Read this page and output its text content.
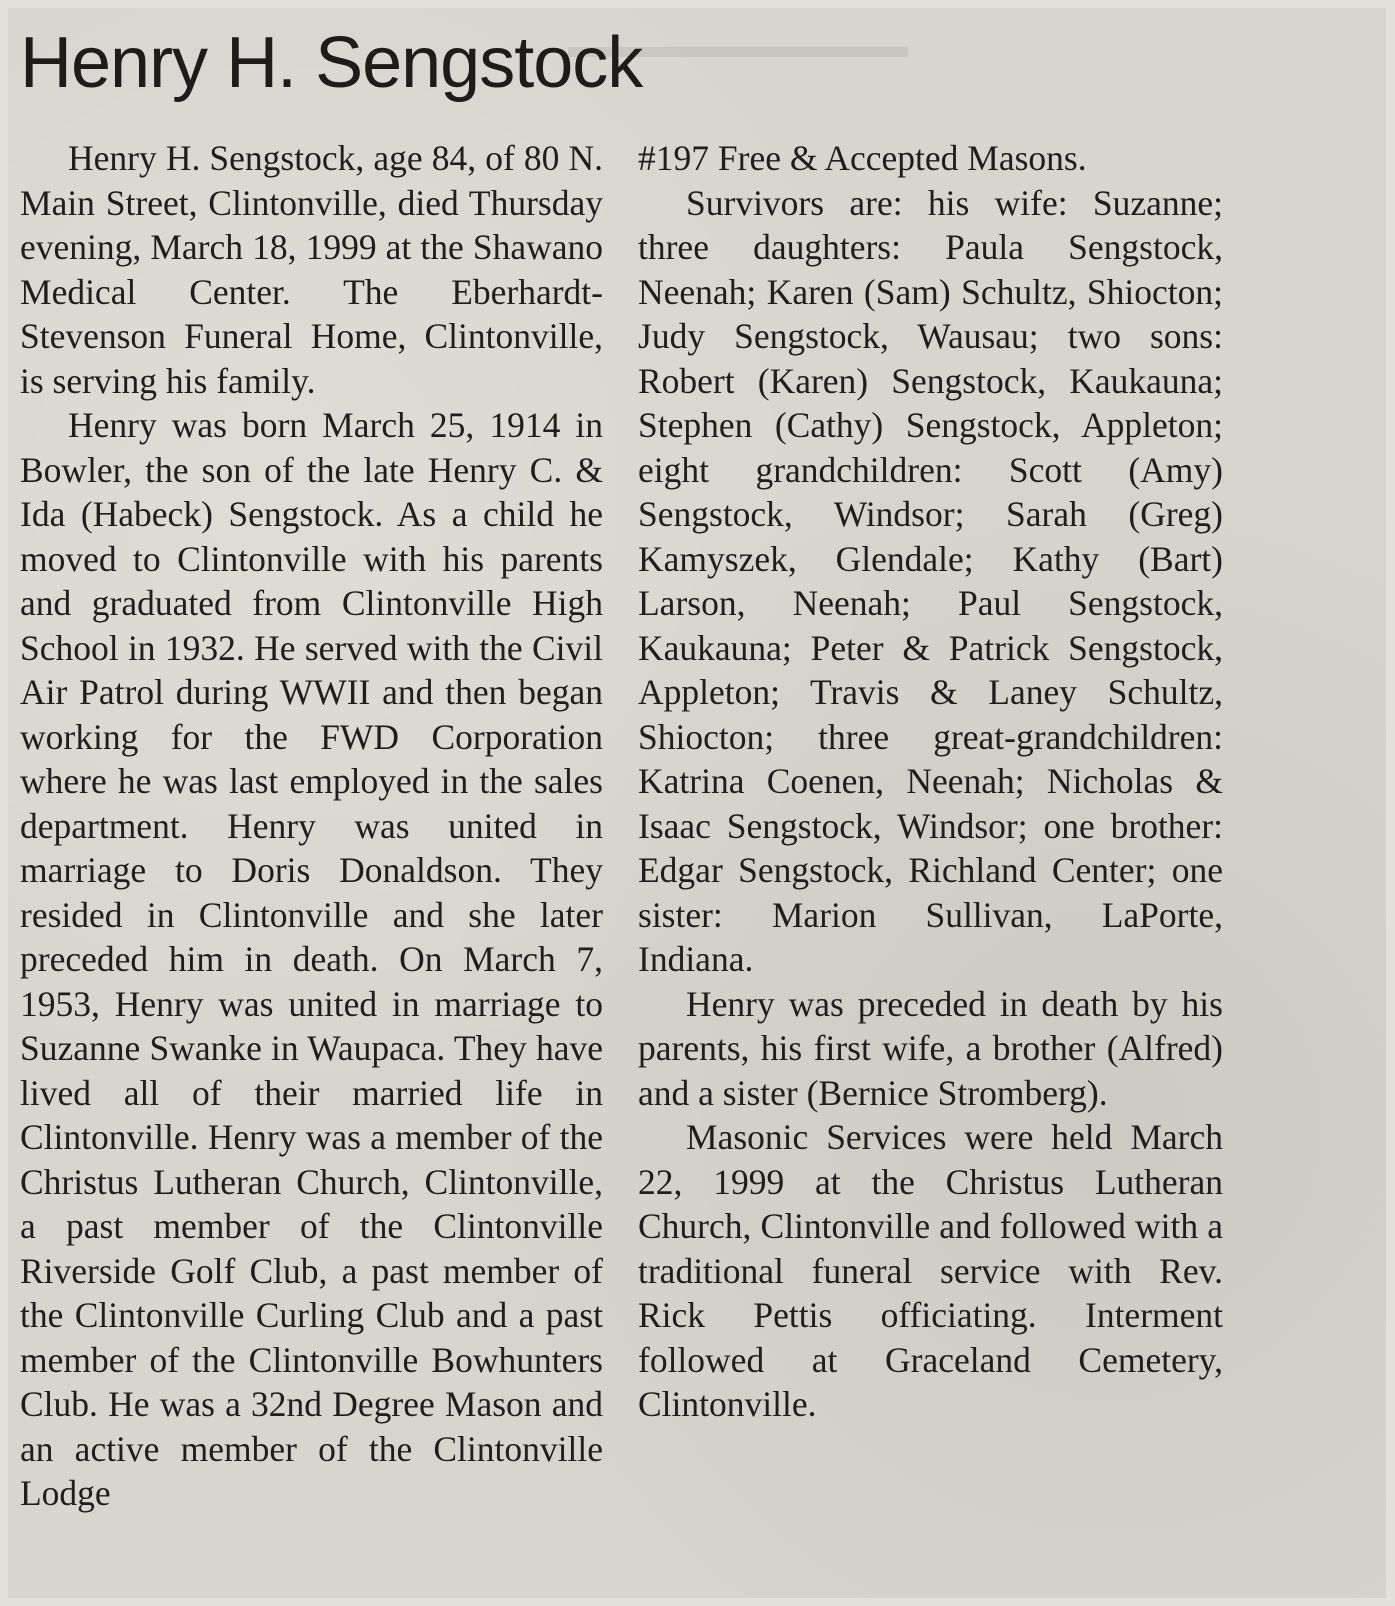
▬▬▬▬▬▬▬▬▬▬
Henry H. Sengstock

Henry H. Sengstock, age 84, of 80 N. Main Street, Clintonville, died Thursday evening, March 18, 1999 at the Shawano Medical Center. The Eberhardt-Stevenson Funeral Home, Clintonville, is serving his family.

Henry was born March 25, 1914 in Bowler, the son of the late Henry C. & Ida (Habeck) Sengstock. As a child he moved to Clintonville with his parents and graduated from Clintonville High School in 1932. He served with the Civil Air Patrol during WWII and then began working for the FWD Corporation where he was last employed in the sales department. Henry was united in marriage to Doris Donaldson. They resided in Clintonville and she later preceded him in death. On March 7, 1953, Henry was united in marriage to Suzanne Swanke in Waupaca. They have lived all of their married life in Clintonville. Henry was a member of the Christus Lutheran Church, Clintonville, a past member of the Clintonville Riverside Golf Club, a past member of the Clintonville Curling Club and a past member of the Clintonville Bowhunters Club. He was a 32nd Degree Mason and an active member of the Clintonville Lodge

#197 Free & Accepted Masons.

Survivors are: his wife: Suzanne; three daughters: Paula Sengstock, Neenah; Karen (Sam) Schultz, Shiocton; Judy Sengstock, Wausau; two sons: Robert (Karen) Sengstock, Kaukauna; Stephen (Cathy) Sengstock, Appleton; eight grandchildren: Scott (Amy) Sengstock, Windsor; Sarah (Greg) Kamyszek, Glendale; Kathy (Bart) Larson, Neenah; Paul Sengstock, Kaukauna; Peter & Patrick Sengstock, Appleton; Travis & Laney Schultz, Shiocton; three great-grandchildren: Katrina Coenen, Neenah; Nicholas & Isaac Sengstock, Windsor; one brother: Edgar Sengstock, Richland Center; one sister: Marion Sullivan, LaPorte, Indiana.

Henry was preceded in death by his parents, his first wife, a brother (Alfred) and a sister (Bernice Stromberg).

Masonic Services were held March 22, 1999 at the Christus Lutheran Church, Clintonville and followed with a traditional funeral service with Rev. Rick Pettis officiating. Interment followed at Graceland Cemetery, Clintonville.
